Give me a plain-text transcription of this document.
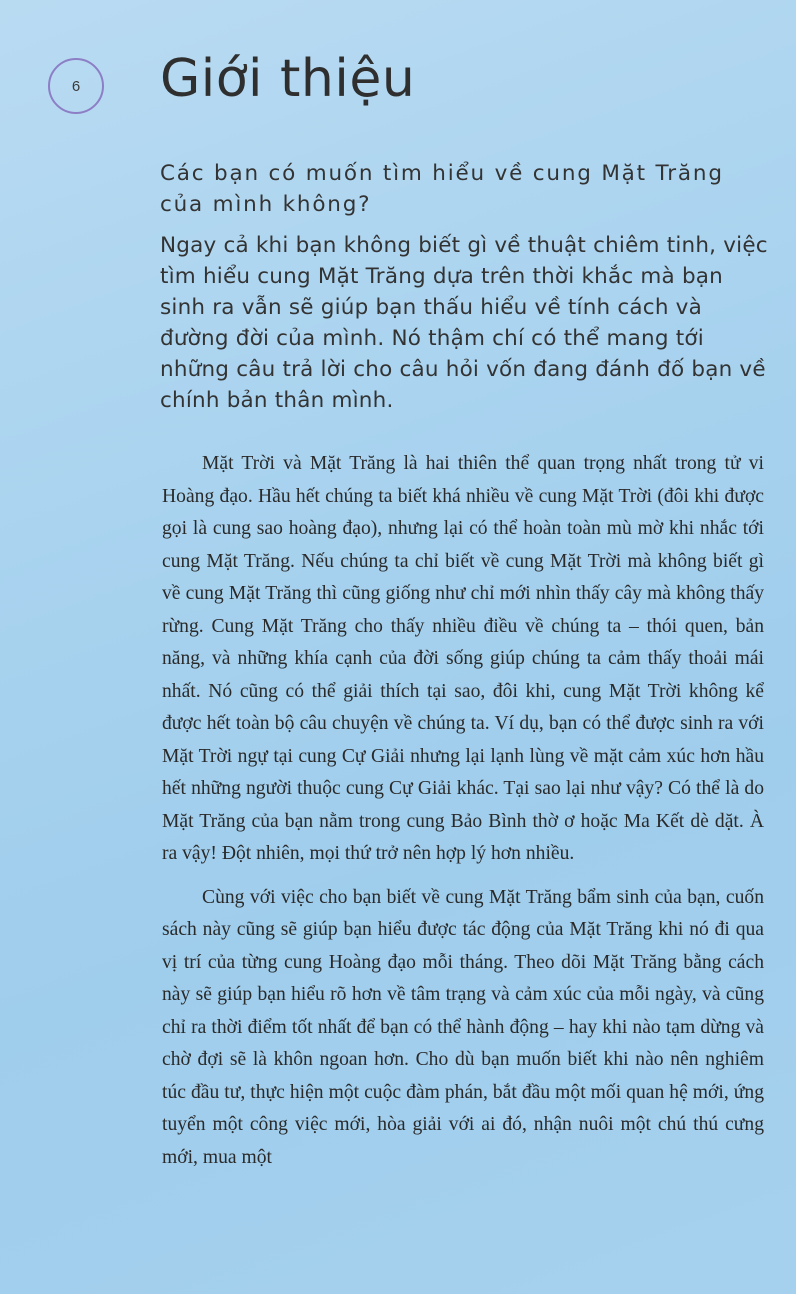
6 Giới thiệu

Các bạn có muốn tìm hiểu về cung Mặt Trăng của mình không?

Ngay cả khi bạn không biết gì về thuật chiêm tinh, việc tìm hiểu cung Mặt Trăng dựa trên thời khắc mà bạn sinh ra vẫn sẽ giúp bạn thấu hiểu về tính cách và đường đời của mình. Nó thậm chí có thể mang tới những câu trả lời cho câu hỏi vốn đang đánh đố bạn về chính bản thân mình.

Mặt Trời và Mặt Trăng là hai thiên thể quan trọng nhất trong tử vi Hoàng đạo. Hầu hết chúng ta biết khá nhiều về cung Mặt Trời (đôi khi được gọi là cung sao hoàng đạo), nhưng lại có thể hoàn toàn mù mờ khi nhắc tới cung Mặt Trăng. Nếu chúng ta chỉ biết về cung Mặt Trời mà không biết gì về cung Mặt Trăng thì cũng giống như chỉ mới nhìn thấy cây mà không thấy rừng. Cung Mặt Trăng cho thấy nhiều điều về chúng ta – thói quen, bản năng, và những khía cạnh của đời sống giúp chúng ta cảm thấy thoải mái nhất. Nó cũng có thể giải thích tại sao, đôi khi, cung Mặt Trời không kể được hết toàn bộ câu chuyện về chúng ta. Ví dụ, bạn có thể được sinh ra với Mặt Trời ngự tại cung Cự Giải nhưng lại lạnh lùng về mặt cảm xúc hơn hầu hết những người thuộc cung Cự Giải khác. Tại sao lại như vậy? Có thể là do Mặt Trăng của bạn nằm trong cung Bảo Bình thờ ơ hoặc Ma Kết dè dặt. À ra vậy! Đột nhiên, mọi thứ trở nên hợp lý hơn nhiều.

Cùng với việc cho bạn biết về cung Mặt Trăng bẩm sinh của bạn, cuốn sách này cũng sẽ giúp bạn hiểu được tác động của Mặt Trăng khi nó đi qua vị trí của từng cung Hoàng đạo mỗi tháng. Theo dõi Mặt Trăng bằng cách này sẽ giúp bạn hiểu rõ hơn về tâm trạng và cảm xúc của mỗi ngày, và cũng chỉ ra thời điểm tốt nhất để bạn có thể hành động – hay khi nào tạm dừng và chờ đợi sẽ là khôn ngoan hơn. Cho dù bạn muốn biết khi nào nên nghiêm túc đầu tư, thực hiện một cuộc đàm phán, bắt đầu một mối quan hệ mới, ứng tuyển một công việc mới, hòa giải với ai đó, nhận nuôi một chú thú cưng mới, mua một
